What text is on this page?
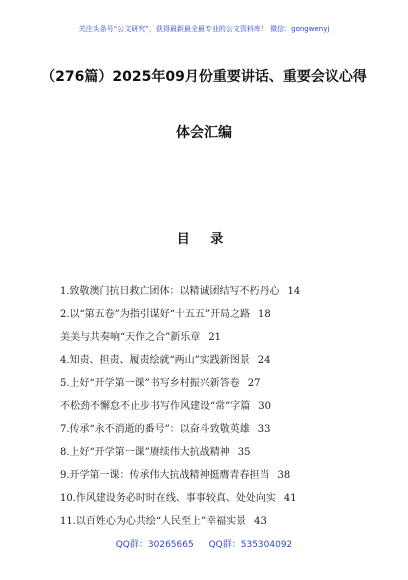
关注头条号“公文研究”，获得最新最全最专业的公文资料库！ 微信：gongwenyj
（276篇）2025年09月份重要讲话、重要会议心得
体会汇编
目 录
1.致敬澳门抗日救亡团体：以精诚团结写不朽丹心 14
2.以“第五卷”为指引谋好“十五五”开局之路 18
美美与共奏响“天作之合”新乐章 21
4.知责、担责、履责绘就“两山”实践新图景 24
5.上好“开学第一课”书写乡村振兴新答卷 27
不松劲不懈怠不止步书写作风建设“常”字篇 30
7.传承“永不消逝的番号”：以奋斗致敬英雄 33
8.上好“开学第一课”赓续伟大抗战精神 35
9.开学第一课：传承伟大抗战精神挺膺青春担当 38
10.作风建设务必时时在线、事事较真、处处向实 41
11.以百姓心为心共绘“人民至上”幸福实景 43
QQ群：30265665 QQ群：535304092
